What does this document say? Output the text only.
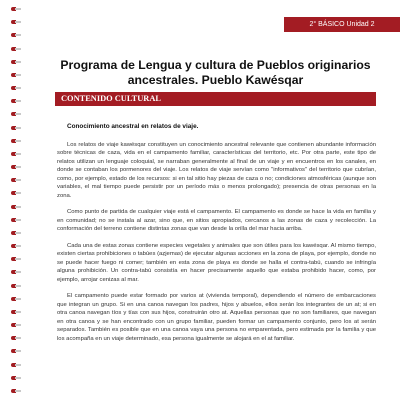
2° BÁSICO Unidad 2
Programa de Lengua y cultura de Pueblos originarios ancestrales. Pueblo Kawésqar
CONTENIDO CULTURAL
Conocimiento ancestral en relatos de viaje.

Los relatos de viaje kawésqar constituyen un conocimiento ancestral relevante que contienen abundante información sobre técnicas de caza, vida en el campamento familiar, características del territorio, etc. Por otra parte, este tipo de relatos utilizan un lenguaje coloquial, se narraban generalmente al final de un viaje y en encuentros en los canales, en donde se contaban los pormenores del viaje. Los relatos de viaje servían como "informativos" del territorio que cubrían, como, por ejemplo, estado de los recursos: si en tal sitio hay piezas de caza o no; condiciones atmosféricas (aunque son variables, el mal tiempo puede persistir por un período más o menos prolongado); presencia de otras personas en la zona.

Como punto de partida de cualquier viaje está el campamento. El campamento es donde se hace la vida en familia y en comunidad; no se instala al azar, sino que, en sitios apropiados, cercanos a las zonas de caza y recolección. La conformación del terreno contiene distintas zonas que van desde la orilla del mar hacia arriba.

Cada una de estas zonas contiene especies vegetales y animales que son útiles para los kawésqar. Al mismo tiempo, existen ciertas prohibiciones o tabúes (aẕjemas) de ejecutar algunas acciones en la zona de playa, por ejemplo, donde no se puede hacer fuego ni comer; también en esta zona de playa es donde se halla el contra-tabú, cuando se infringía alguna prohibición. Un contra-tabú consistía en hacer precisamente aquello que estaba prohibido hacer, como, por ejemplo, arrojar cenizas al mar.

El campamento puede estar formado por varios at (vivienda temporal), dependiendo el número de embarcaciones que integran un grupo. Si en una canoa navegan los padres, hijos y abuelos, ellos serán los integrantes de un at; si en otra canoa navegan tíos y tías con sus hijos, construirán otro at. Aquellas personas que no son familiares, que navegan en otra canoa y se han encontrado con un grupo familiar, pueden formar un campamento conjunto, pero los at serán separados. También es posible que en una canoa vaya una persona no emparentada, pero estimada por la familia y que los acompaña en un viaje determinado, esa persona igualmente se alojará en el at familiar.
